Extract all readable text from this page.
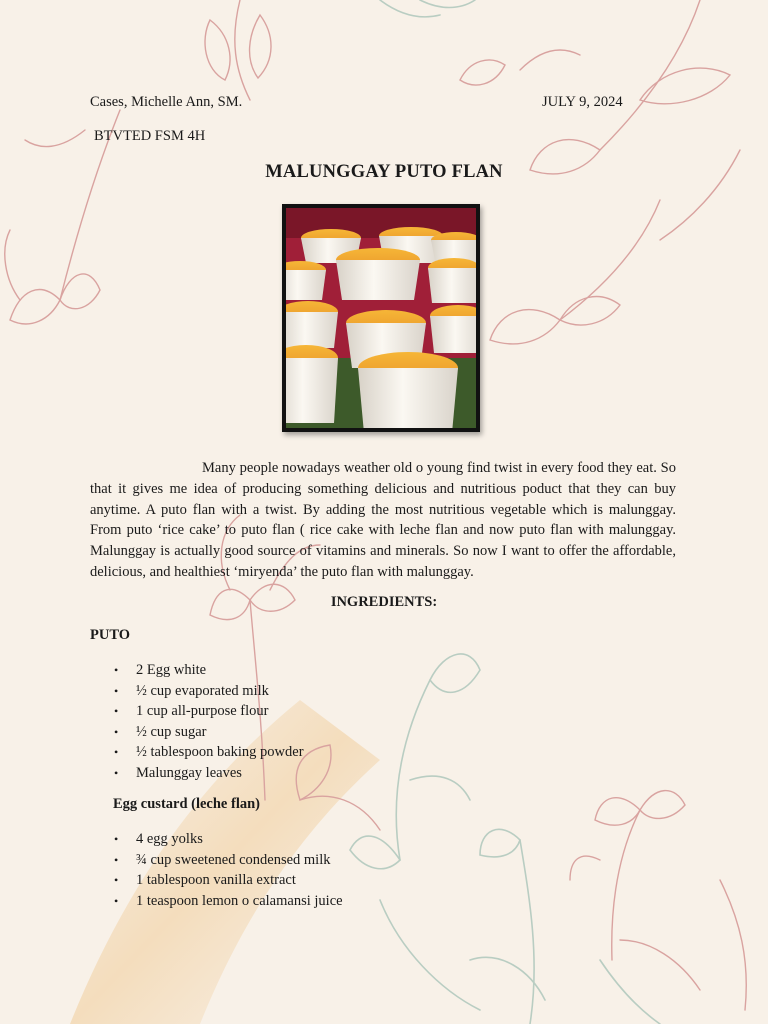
Cases, Michelle Ann, SM.	JULY 9, 2024
BTVTED FSM 4H
MALUNGGAY PUTO FLAN

Many people nowadays weather old o young find twist in every food they eat. So that it gives me idea of producing something delicious and nutritious poduct that they can buy anytime. A puto flan with a twist. By adding the most nutritious vegetable which is malunggay. From puto ‘rice cake’ to puto flan ( rice cake with leche flan and now puto flan with malunggay. Malunggay is actually good source of vitamins and minerals. So now I want to offer the affordable, delicious, and healthiest ‘miryenda’ the puto flan with malunggay.

INGREDIENTS:
PUTO
• 2 Egg white
• ½ cup evaporated milk
• 1 cup all-purpose flour
• ½ cup sugar
• ½ tablespoon baking powder
• Malunggay leaves
Egg custard (leche flan)
• 4 egg yolks
• ¾ cup sweetened condensed milk
• 1 tablespoon vanilla extract
• 1 teaspoon lemon o calamansi juice
